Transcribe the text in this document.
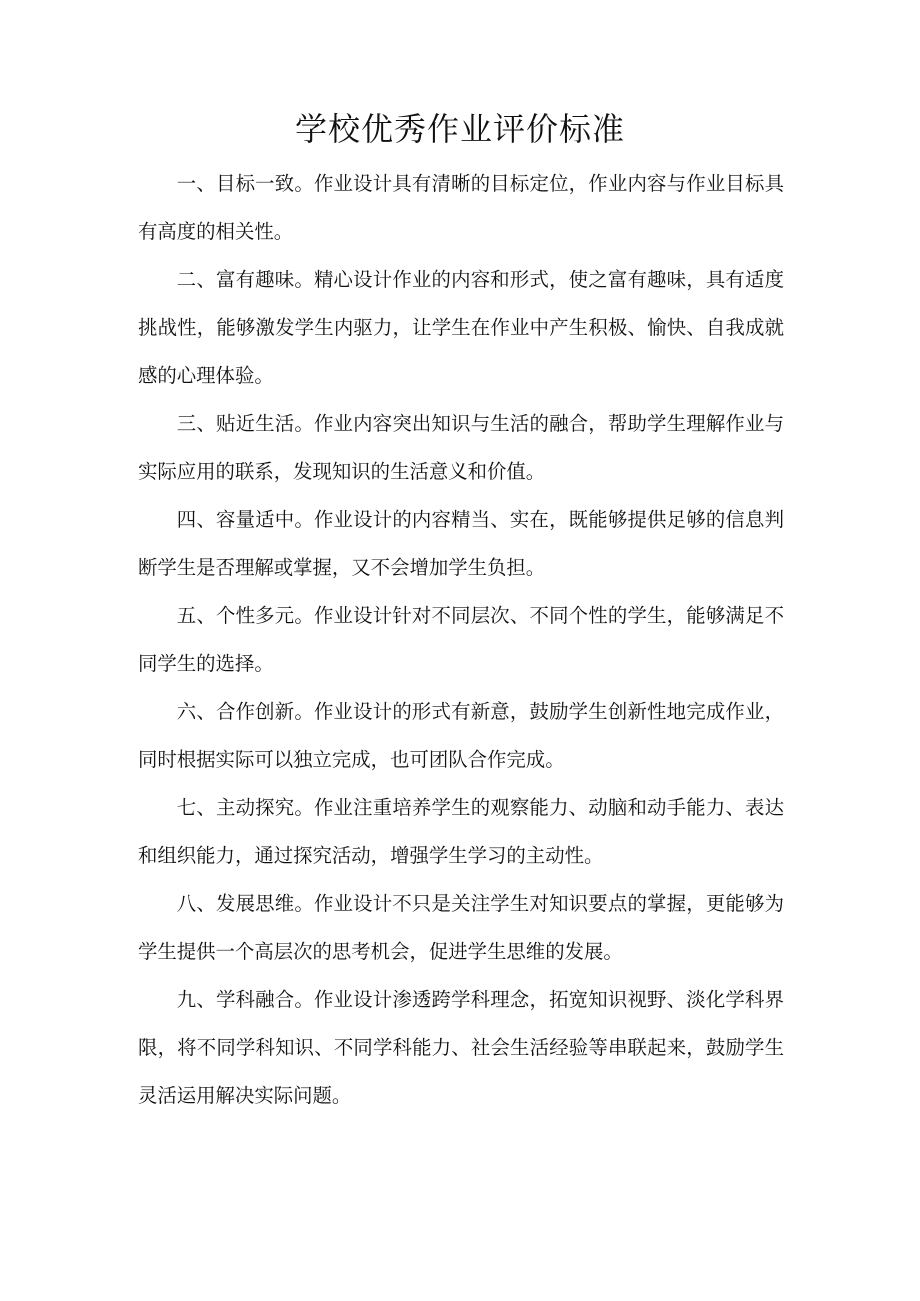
学校优秀作业评价标准

一、目标一致。作业设计具有清晰的目标定位，作业内容与作业目标具有高度的相关性。

二、富有趣味。精心设计作业的内容和形式，使之富有趣味，具有适度挑战性，能够激发学生内驱力，让学生在作业中产生积极、愉快、自我成就感的心理体验。

三、贴近生活。作业内容突出知识与生活的融合，帮助学生理解作业与实际应用的联系，发现知识的生活意义和价值。

四、容量适中。作业设计的内容精当、实在，既能够提供足够的信息判断学生是否理解或掌握，又不会增加学生负担。

五、个性多元。作业设计针对不同层次、不同个性的学生，能够满足不同学生的选择。

六、合作创新。作业设计的形式有新意，鼓励学生创新性地完成作业，同时根据实际可以独立完成，也可团队合作完成。

七、主动探究。作业注重培养学生的观察能力、动脑和动手能力、表达和组织能力，通过探究活动，增强学生学习的主动性。

八、发展思维。作业设计不只是关注学生对知识要点的掌握，更能够为学生提供一个高层次的思考机会，促进学生思维的发展。

九、学科融合。作业设计渗透跨学科理念，拓宽知识视野、淡化学科界限，将不同学科知识、不同学科能力、社会生活经验等串联起来，鼓励学生灵活运用解决实际问题。
